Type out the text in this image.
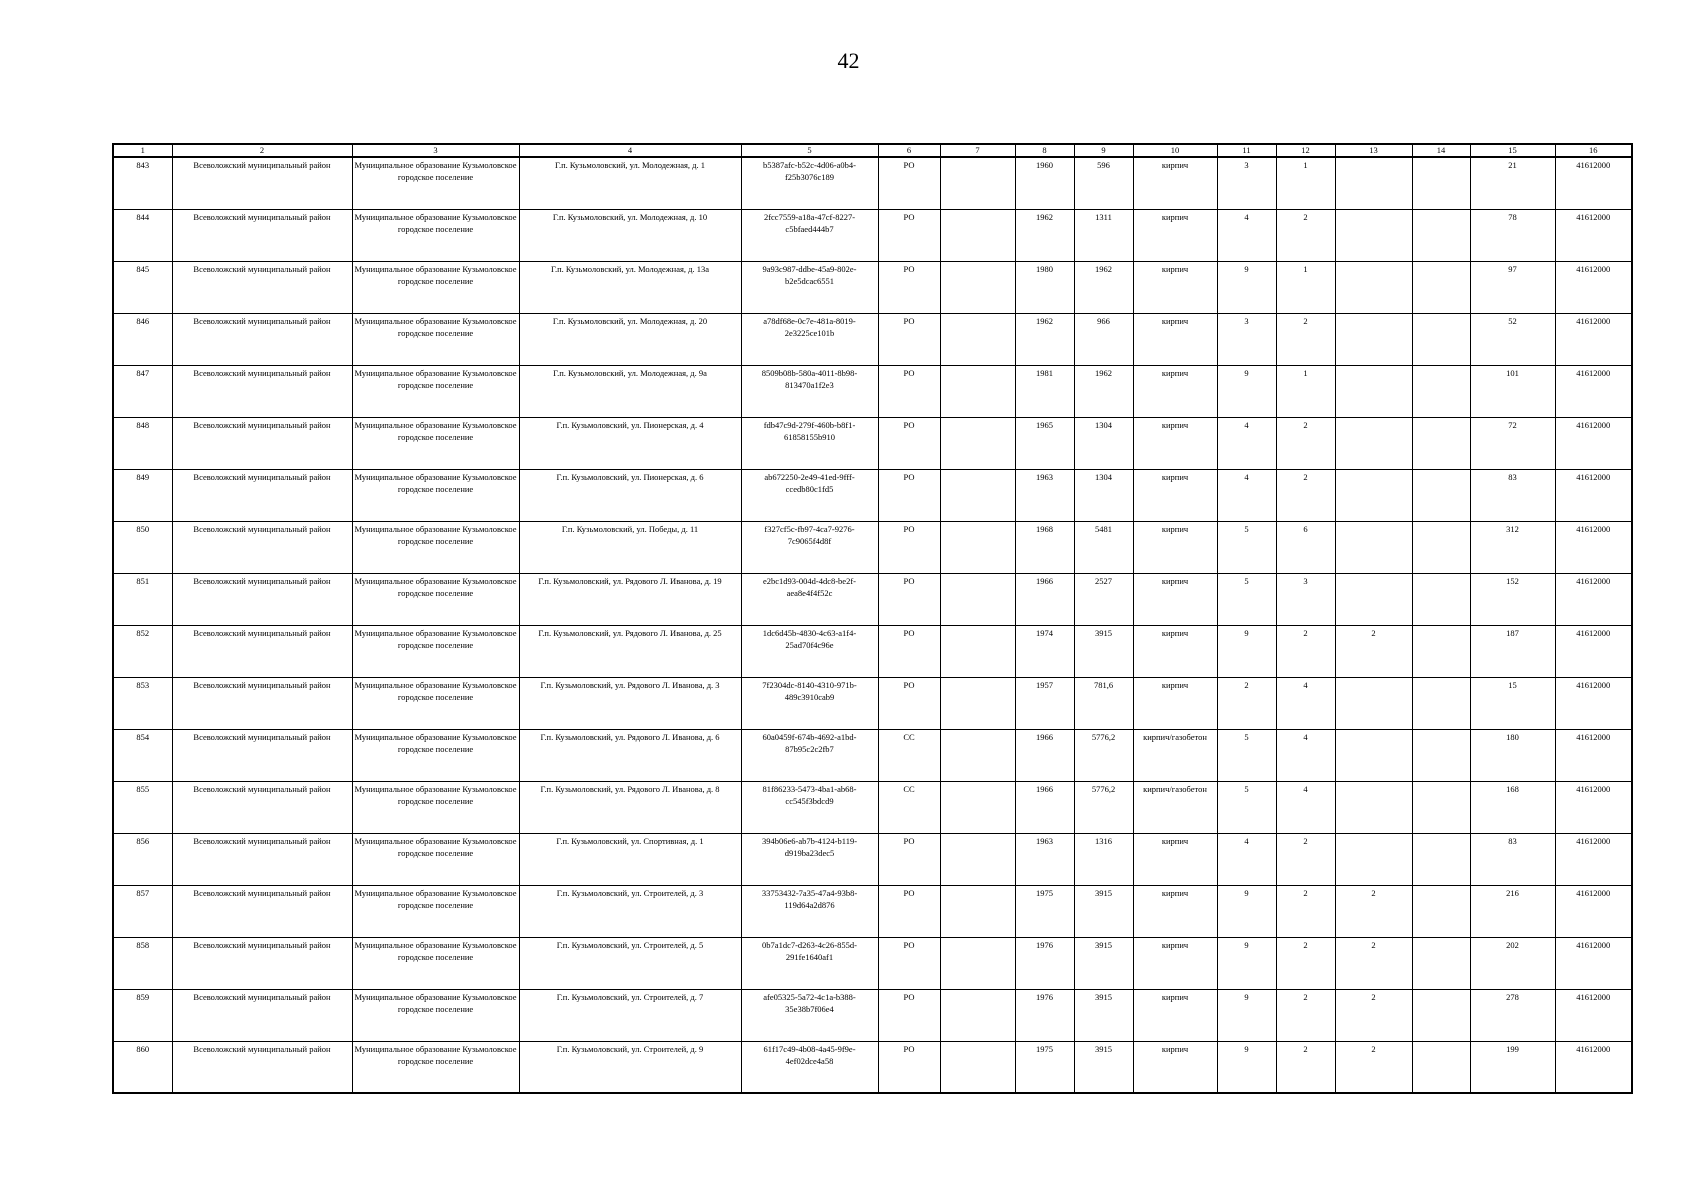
42
1	2	3	4	5	6	7	8	9	10	11	12	13	14	15	16
843	Всеволожский муниципальный район	Муниципальное образование Кузьмоловское городское поселение	Г.п. Кузьмоловский, ул. Молодежная, д. 1	b5387afc-b52c-4d06-a0b4-f25b3076c189	РО		1960	596	кирпич	3	1			21	41612000
844	Всеволожский муниципальный район	Муниципальное образование Кузьмоловское городское поселение	Г.п. Кузьмоловский, ул. Молодежная, д. 10	2fcc7559-a18a-47cf-8227-c5bfaed444b7	РО		1962	1311	кирпич	4	2			78	41612000
845	Всеволожский муниципальный район	Муниципальное образование Кузьмоловское городское поселение	Г.п. Кузьмоловский, ул. Молодежная, д. 13а	9a93c987-ddbe-45a9-802e-b2e5dcac6551	РО		1980	1962	кирпич	9	1			97	41612000
846	Всеволожский муниципальный район	Муниципальное образование Кузьмоловское городское поселение	Г.п. Кузьмоловский, ул. Молодежная, д. 20	a78df68e-0c7e-481a-8019-2e3225ce101b	РО		1962	966	кирпич	3	2			52	41612000
847	Всеволожский муниципальный район	Муниципальное образование Кузьмоловское городское поселение	Г.п. Кузьмоловский, ул. Молодежная, д. 9а	8509b08b-580a-4011-8b98-813470a1f2e3	РО		1981	1962	кирпич	9	1			101	41612000
848	Всеволожский муниципальный район	Муниципальное образование Кузьмоловское городское поселение	Г.п. Кузьмоловский, ул. Пионерская, д. 4	fdb47c9d-279f-460b-b8f1-61858155b910	РО		1965	1304	кирпич	4	2			72	41612000
849	Всеволожский муниципальный район	Муниципальное образование Кузьмоловское городское поселение	Г.п. Кузьмоловский, ул. Пионерская, д. 6	ab672250-2e49-41ed-9fff-ccedb80c1fd5	РО		1963	1304	кирпич	4	2			83	41612000
850	Всеволожский муниципальный район	Муниципальное образование Кузьмоловское городское поселение	Г.п. Кузьмоловский, ул. Победы, д. 11	f327cf5c-fb97-4ca7-9276-7c9065f4d8f	РО		1968	5481	кирпич	5	6			312	41612000
851	Всеволожский муниципальный район	Муниципальное образование Кузьмоловское городское поселение	Г.п. Кузьмоловский, ул. Рядового Л. Иванова, д. 19	e2bc1d93-004d-4dc8-be2f-aea8e4f4f52c	РО		1966	2527	кирпич	5	3			152	41612000
852	Всеволожский муниципальный район	Муниципальное образование Кузьмоловское городское поселение	Г.п. Кузьмоловский, ул. Рядового Л. Иванова, д. 25	1dc6d45b-4830-4c63-a1f4-25ad70f4c96e	РО		1974	3915	кирпич	9	2	2		187	41612000
853	Всеволожский муниципальный район	Муниципальное образование Кузьмоловское городское поселение	Г.п. Кузьмоловский, ул. Рядового Л. Иванова, д. 3	7f2304dc-8140-4310-971b-489c3910cab9	РО		1957	781,6	кирпич	2	4			15	41612000
854	Всеволожский муниципальный район	Муниципальное образование Кузьмоловское городское поселение	Г.п. Кузьмоловский, ул. Рядового Л. Иванова, д. 6	60a0459f-674b-4692-a1bd-87b95c2c2fb7	СС		1966	5776,2	кирпич/газобетон	5	4			180	41612000
855	Всеволожский муниципальный район	Муниципальное образование Кузьмоловское городское поселение	Г.п. Кузьмоловский, ул. Рядового Л. Иванова, д. 8	81f86233-5473-4ba1-ab68-cc545f3bdcd9	СС		1966	5776,2	кирпич/газобетон	5	4			168	41612000
856	Всеволожский муниципальный район	Муниципальное образование Кузьмоловское городское поселение	Г.п. Кузьмоловский, ул. Спортивная, д. 1	394b06e6-ab7b-4124-b119-d919ba23dec5	РО		1963	1316	кирпич	4	2			83	41612000
857	Всеволожский муниципальный район	Муниципальное образование Кузьмоловское городское поселение	Г.п. Кузьмоловский, ул. Строителей, д. 3	33753432-7a35-47a4-93b8-119d64a2d876	РО		1975	3915	кирпич	9	2	2		216	41612000
858	Всеволожский муниципальный район	Муниципальное образование Кузьмоловское городское поселение	Г.п. Кузьмоловский, ул. Строителей, д. 5	0b7a1dc7-d263-4c26-855d-291fe1640af1	РО		1976	3915	кирпич	9	2	2		202	41612000
859	Всеволожский муниципальный район	Муниципальное образование Кузьмоловское городское поселение	Г.п. Кузьмоловский, ул. Строителей, д. 7	afe05325-5a72-4c1a-b388-35e38b7f06e4	РО		1976	3915	кирпич	9	2	2		278	41612000
860	Всеволожский муниципальный район	Муниципальное образование Кузьмоловское городское поселение	Г.п. Кузьмоловский, ул. Строителей, д. 9	61f17c49-4b08-4a45-9f9e-4ef02dce4a58	РО		1975	3915	кирпич	9	2	2		199	41612000
